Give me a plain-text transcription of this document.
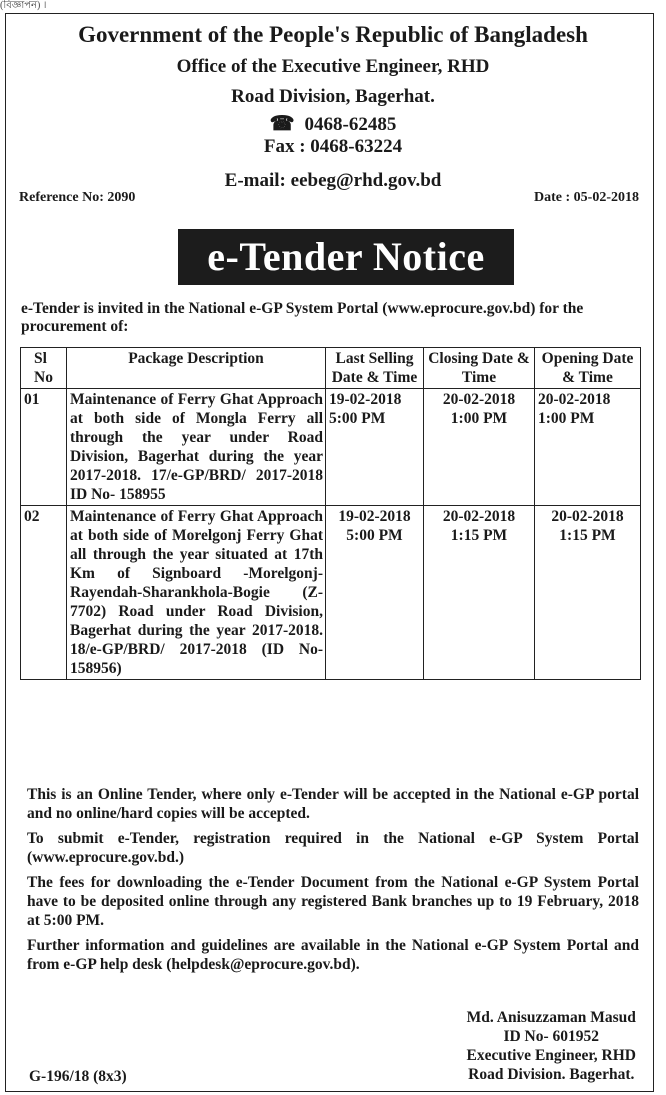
(বিজ্ঞাপন) ।
Government of the People's Republic of Bangladesh
Office of the Executive Engineer, RHD
Road Division, Bagerhat.
☎ 0468-62485
Fax : 0468-63224
E-mail: eebeg@rhd.gov.bd
Reference No: 2090	Date : 05-02-2018
e-Tender Notice
e-Tender is invited in the National e-GP System Portal (www.eprocure.gov.bd) for the procurement of:
Sl No	Package Description	Last Selling Date & Time	Closing Date & Time	Opening Date & Time
01	Maintenance of Ferry Ghat Approach at both side of Mongla Ferry all through the year under Road Division, Bagerhat during the year 2017-2018. 17/e-GP/BRD/ 2017-2018 ID No- 158955	19-02-2018 5:00 PM	20-02-2018 1:00 PM	20-02-2018 1:00 PM
02	Maintenance of Ferry Ghat Approach at both side of Morelgonj Ferry Ghat all through the year situated at 17th Km of Signboard -Morelgonj-Rayendah-Sharankhola-Bogie (Z-7702) Road under Road Division, Bagerhat during the year 2017-2018. 18/e-GP/BRD/ 2017-2018 (ID No- 158956)	19-02-2018 5:00 PM	20-02-2018 1:15 PM	20-02-2018 1:15 PM

This is an Online Tender, where only e-Tender will be accepted in the National e-GP portal and no online/hard copies will be accepted.

To submit e-Tender, registration required in the National e-GP System Portal (www.eprocure.gov.bd.)

The fees for downloading the e-Tender Document from the National e-GP System Portal have to be deposited online through any registered Bank branches up to 19 February, 2018 at 5:00 PM.

Further information and guidelines are available in the National e-GP System Portal and from e-GP help desk (helpdesk@eprocure.gov.bd).

Md. Anisuzzaman Masud
ID No- 601952
Executive Engineer, RHD
Road Division. Bagerhat.
G-196/18 (8x3)
